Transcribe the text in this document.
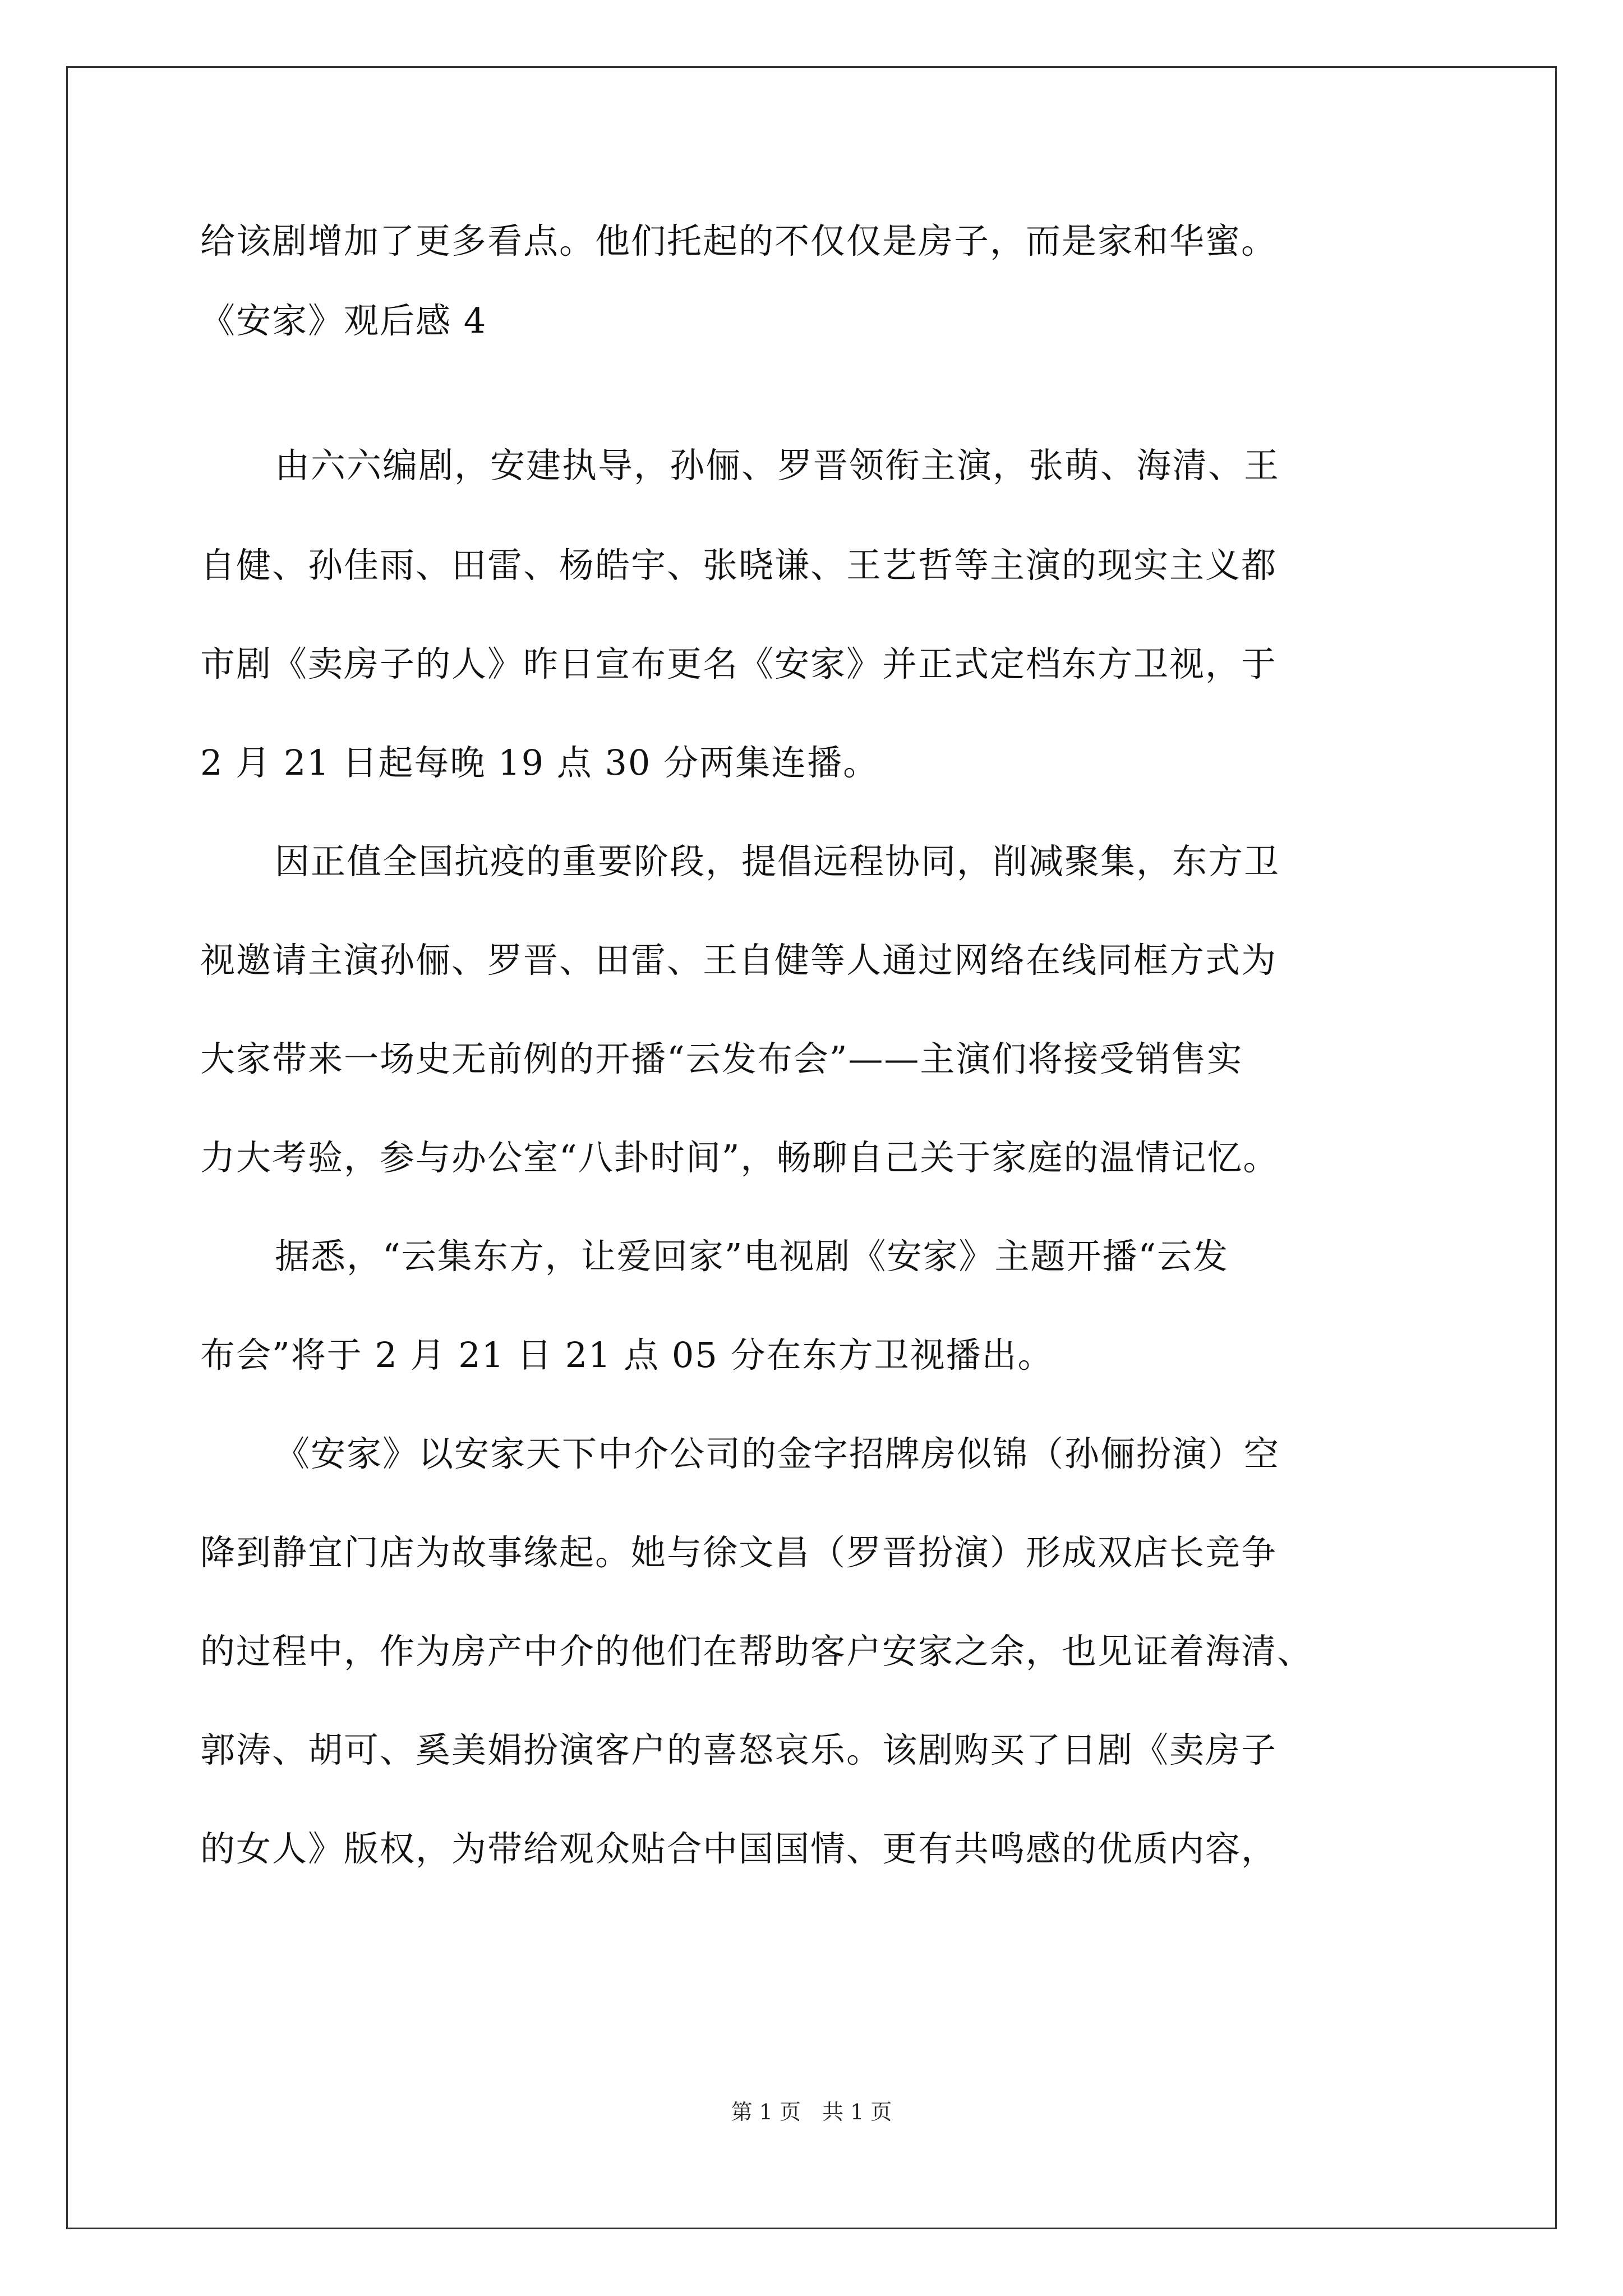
给该剧增加了更多看点。他们托起的不仅仅是房子，而是家和华蜜。
《安家》观后感 4
由六六编剧，安建执导，孙俪、罗晋领衔主演，张萌、海清、王
自健、孙佳雨、田雷、杨皓宇、张晓谦、王艺哲等主演的现实主义都
市剧《卖房子的人》昨日宣布更名《安家》并正式定档东方卫视，于
2 月 21 日起每晚 19 点 30 分两集连播。
因正值全国抗疫的重要阶段，提倡远程协同，削减聚集，东方卫
视邀请主演孙俪、罗晋、田雷、王自健等人通过网络在线同框方式为
大家带来一场史无前例的开播“云发布会”——主演们将接受销售实
力大考验，参与办公室“八卦时间”，畅聊自己关于家庭的温情记忆。
据悉，“云集东方，让爱回家”电视剧《安家》主题开播“云发
布会”将于 2 月 21 日 21 点 05 分在东方卫视播出。
《安家》以安家天下中介公司的金字招牌房似锦（孙俪扮演）空
降到静宜门店为故事缘起。她与徐文昌（罗晋扮演）形成双店长竞争
的过程中，作为房产中介的他们在帮助客户安家之余，也见证着海清、
郭涛、胡可、奚美娟扮演客户的喜怒哀乐。该剧购买了日剧《卖房子
的女人》版权，为带给观众贴合中国国情、更有共鸣感的优质内容，
第 1 页　共 1 页
